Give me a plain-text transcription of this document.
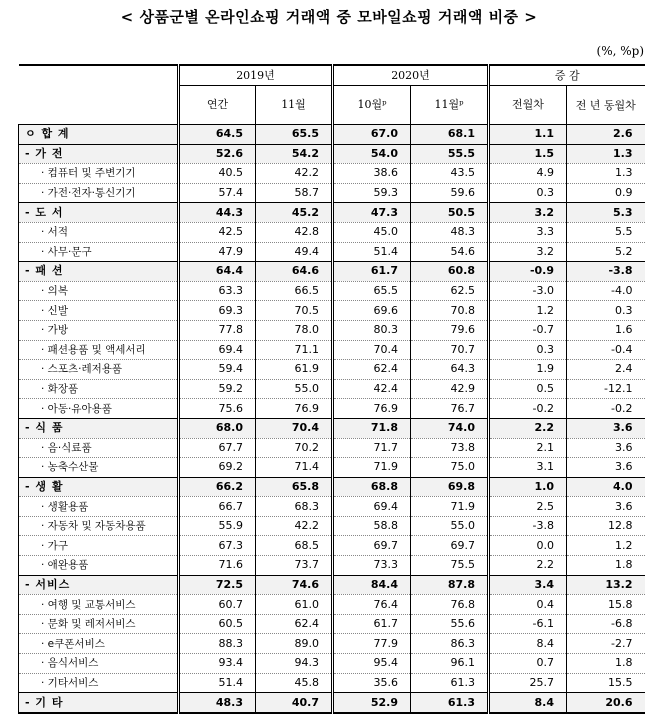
< 상품군별 온라인쇼핑 거래액 중 모바일쇼핑 거래액 비중 >
(%, %p)
	2019년		2020년		증 감	
	연간	11월	10월ᵖ	11월ᵖ	전월차	전 년 동월차
ㅇ 합 계	64.5	65.5	67.0	68.1	1.1	2.6
- 가 전	52.6	54.2	54.0	55.5	1.5	1.3
· 컴퓨터 및 주변기기	40.5	42.2	38.6	43.5	4.9	1.3
· 가전·전자·통신기기	57.4	58.7	59.3	59.6	0.3	0.9
- 도 서	44.3	45.2	47.3	50.5	3.2	5.3
· 서적	42.5	42.8	45.0	48.3	3.3	5.5
· 사무·문구	47.9	49.4	51.4	54.6	3.2	5.2
- 패 션	64.4	64.6	61.7	60.8	-0.9	-3.8
· 의복	63.3	66.5	65.5	62.5	-3.0	-4.0
· 신발	69.3	70.5	69.6	70.8	1.2	0.3
· 가방	77.8	78.0	80.3	79.6	-0.7	1.6
· 패션용품 및 액세서리	69.4	71.1	70.4	70.7	0.3	-0.4
· 스포츠·레저용품	59.4	61.9	62.4	64.3	1.9	2.4
· 화장품	59.2	55.0	42.4	42.9	0.5	-12.1
· 아동·유아용품	75.6	76.9	76.9	76.7	-0.2	-0.2
- 식 품	68.0	70.4	71.8	74.0	2.2	3.6
· 음·식료품	67.7	70.2	71.7	73.8	2.1	3.6
· 농축수산물	69.2	71.4	71.9	75.0	3.1	3.6
- 생 활	66.2	65.8	68.8	69.8	1.0	4.0
· 생활용품	66.7	68.3	69.4	71.9	2.5	3.6
· 자동차 및 자동차용품	55.9	42.2	58.8	55.0	-3.8	12.8
· 가구	67.3	68.5	69.7	69.7	0.0	1.2
· 애완용품	71.6	73.7	73.3	75.5	2.2	1.8
- 서비스	72.5	74.6	84.4	87.8	3.4	13.2
· 여행 및 교통서비스	60.7	61.0	76.4	76.8	0.4	15.8
· 문화 및 레저서비스	60.5	62.4	61.7	55.6	-6.1	-6.8
· e쿠폰서비스	88.3	89.0	77.9	86.3	8.4	-2.7
· 음식서비스	93.4	94.3	95.4	96.1	0.7	1.8
· 기타서비스	51.4	45.8	35.6	61.3	25.7	15.5
- 기 타	48.3	40.7	52.9	61.3	8.4	20.6
